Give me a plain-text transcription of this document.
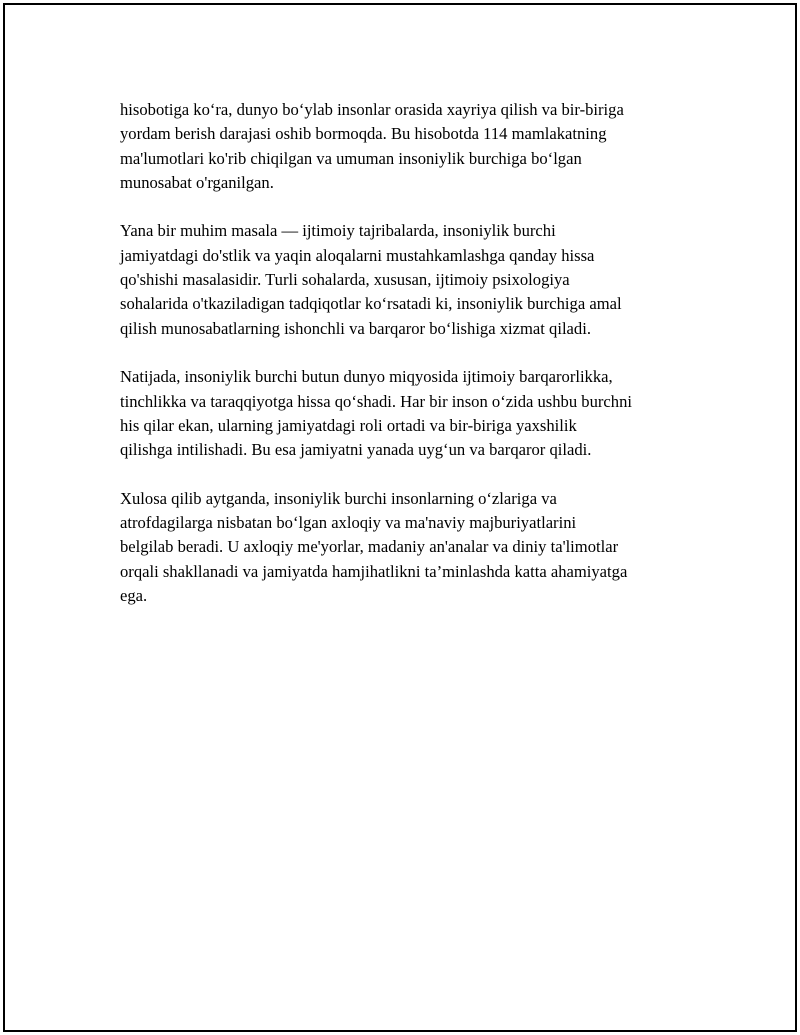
hisobotiga ko‘ra, dunyo bo‘ylab insonlar orasida xayriya qilish va bir-biriga
yordam berish darajasi oshib bormoqda. Bu hisobotda 114 mamlakatning
ma'lumotlari ko'rib chiqilgan va umuman insoniylik burchiga bo‘lgan
munosabat o'rganilgan.

Yana bir muhim masala — ijtimoiy tajribalarda, insoniylik burchi
jamiyatdagi do'stlik va yaqin aloqalarni mustahkamlashga qanday hissa
qo'shishi masalasidir. Turli sohalarda, xususan, ijtimoiy psixologiya
sohalarida o'tkaziladigan tadqiqotlar ko‘rsatadi ki, insoniylik burchiga amal
qilish munosabatlarning ishonchli va barqaror bo‘lishiga xizmat qiladi.

Natijada, insoniylik burchi butun dunyo miqyosida ijtimoiy barqarorlikka,
tinchlikka va taraqqiyotga hissa qo‘shadi. Har bir inson o‘zida ushbu burchni
his qilar ekan, ularning jamiyatdagi roli ortadi va bir-biriga yaxshilik
qilishga intilishadi. Bu esa jamiyatni yanada uyg‘un va barqaror qiladi.

Xulosa qilib aytganda, insoniylik burchi insonlarning o‘zlariga va
atrofdagilarga nisbatan bo‘lgan axloqiy va ma'naviy majburiyatlarini
belgilab beradi. U axloqiy me'yorlar, madaniy an'analar va diniy ta'limotlar
orqali shakllanadi va jamiyatda hamjihatlikni ta’minlashda katta ahamiyatga
ega.
